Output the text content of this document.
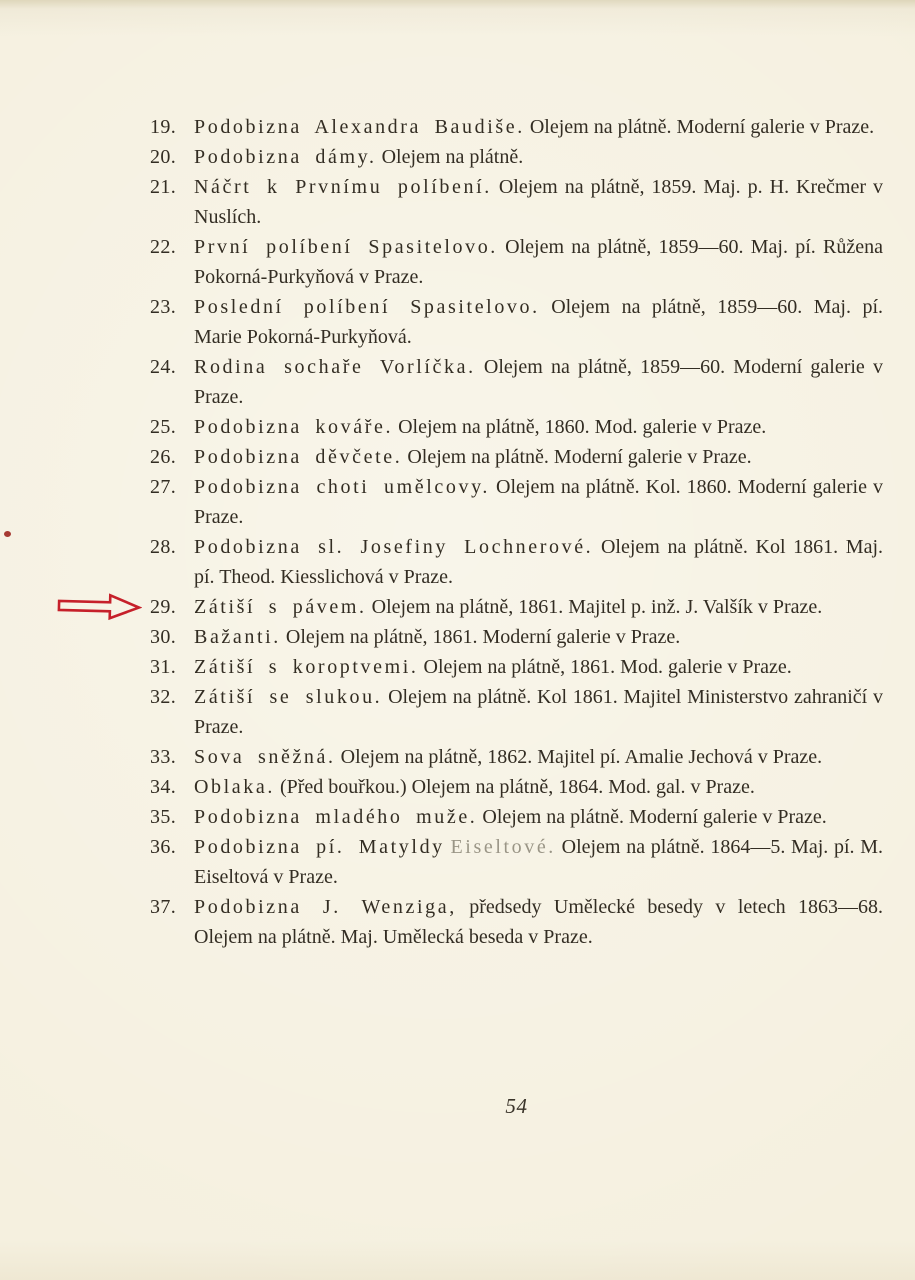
19. Podobizna Alexandra Baudiše. Olejem na plátně. Moderní galerie v Praze.
20. Podobizna dámy. Olejem na plátně.
21. Náčrt k Prvnímu políbení. Olejem na plátně, 1859. Maj. p. H. Krečmer v Nuslích.
22. První políbení Spasitelovo. Olejem na plátně, 1859—60. Maj. pí. Růžena Pokorná-Purkyňová v Praze.
23. Poslední políbení Spasitelovo. Olejem na plátně, 1859—60. Maj. pí. Marie Pokorná-Purkyňová.
24. Rodina sochaře Vorlíčka. Olejem na plátně, 1859—60. Moderní galerie v Praze.
25. Podobizna kováře. Olejem na plátně, 1860. Mod. galerie v Praze.
26. Podobizna děvčete. Olejem na plátně. Moderní galerie v Praze.
27. Podobizna choti umělcovy. Olejem na plátně. Kol. 1860. Moderní galerie v Praze.
28. Podobizna sl. Josefiny Lochnerové. Olejem na plátně. Kol 1861. Maj. pí. Theod. Kiesslichová v Praze.
29. Zátiší s pávem. Olejem na plátně, 1861. Majitel p. inž. J. Valšík v Praze.
30. Bažanti. Olejem na plátně, 1861. Moderní galerie v Praze.
31. Zátiší s koroptvemi. Olejem na plátně, 1861. Mod. galerie v Praze.
32. Zátiší se slukou. Olejem na plátně. Kol 1861. Majitel Ministerstvo zahraničí v Praze.
33. Sova sněžná. Olejem na plátně, 1862. Majitel pí. Amalie Jechová v Praze.
34. Oblaka. (Před bouřkou.) Olejem na plátně, 1864. Mod. gal. v Praze.
35. Podobizna mladého muže. Olejem na plátně. Moderní galerie v Praze.
36. Podobizna pí. Matyldy Eiseltové. Olejem na plátně. 1864—5. Maj. pí. M. Eiseltová v Praze.
37. Podobizna J. Wenziga, předsedy Umělecké besedy v letech 1863—68. Olejem na plátně. Maj. Umělecká beseda v Praze.
54
